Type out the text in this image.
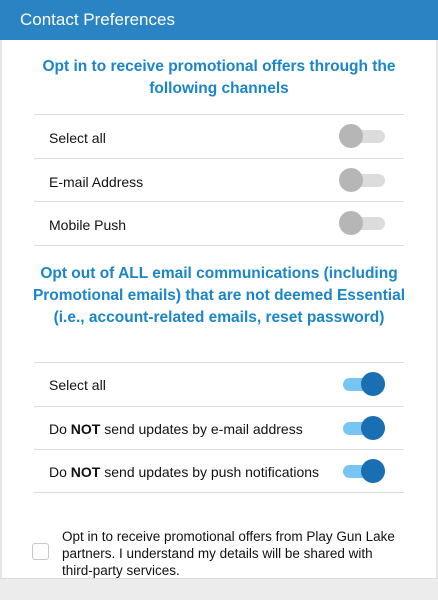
Contact Preferences
Opt in to receive promotional offers through the following channels
Select all
E-mail Address
Mobile Push
Opt out of ALL email communications (including Promotional emails) that are not deemed Essential (i.e., account-related emails, reset password)
Select all
Do NOT send updates by e-mail address
Do NOT send updates by push notifications
Opt in to receive promotional offers from Play Gun Lake partners. I understand my details will be shared with third-party services.
